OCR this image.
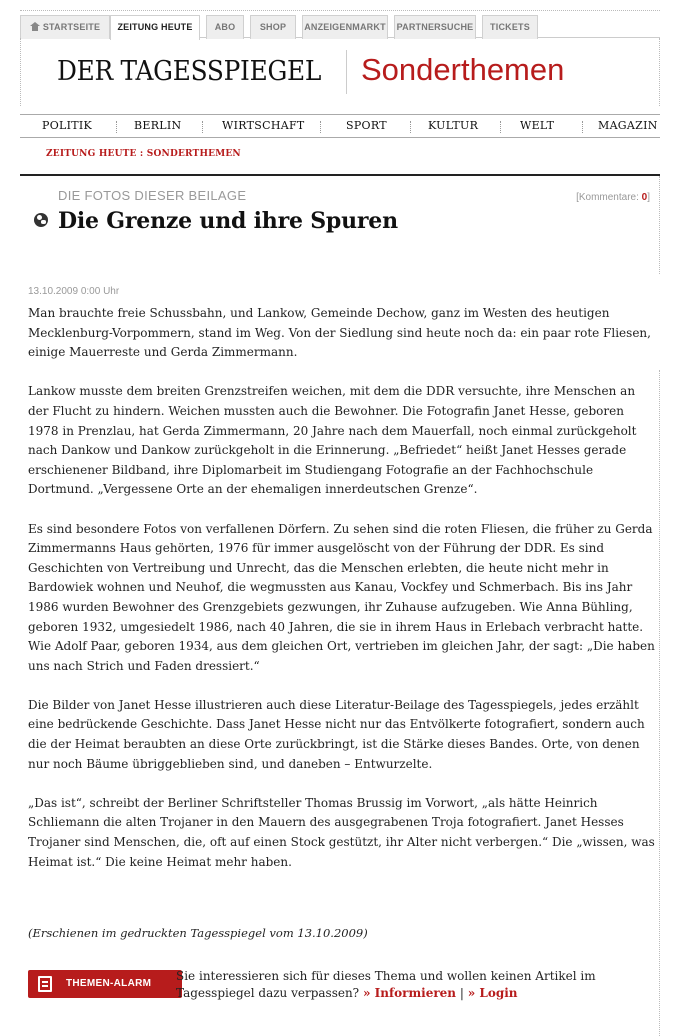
STARTSEITE	ZEITUNG HEUTE	ABO	SHOP	ANZEIGENMARKT PARTNERSUCHE	TICKETS
DER TAGESSPIEGEL Sonderthemen
POLITIK	BERLIN	WIRTSCHAFT	SPORT	KULTUR	WELT	MAGAZIN
ZEITUNG HEUTE : SONDERTHEMEN
DIE FOTOS DIESER BEILAGE	[Kommentare: 0]
Die Grenze und ihre Spuren
13.10.2009 0:00 Uhr

Man brauchte freie Schussbahn, und Lankow, Gemeinde Dechow, ganz im Westen des heutigen Mecklenburg-Vorpommern, stand im Weg. Von der Siedlung sind heute noch da: ein paar rote Fliesen, einige Mauerreste und Gerda Zimmermann.

Lankow musste dem breiten Grenzstreifen weichen, mit dem die DDR versuchte, ihre Menschen an der Flucht zu hindern. Weichen mussten auch die Bewohner. Die Fotografin Janet Hesse, geboren 1978 in Prenzlau, hat Gerda Zimmermann, 20 Jahre nach dem Mauerfall, noch einmal zurückgeholt nach Dankow und Dankow zurückgeholt in die Erinnerung. „Befriedet“ heißt Janet Hesses gerade erschienener Bildband, ihre Diplomarbeit im Studiengang Fotografie an der Fachhochschule Dortmund. „Vergessene Orte an der ehemaligen innerdeutschen Grenze“.

Es sind besondere Fotos von verfallenen Dörfern. Zu sehen sind die roten Fliesen, die früher zu Gerda Zimmermanns Haus gehörten, 1976 für immer ausgelöscht von der Führung der DDR. Es sind Geschichten von Vertreibung und Unrecht, das die Menschen erlebten, die heute nicht mehr in Bardowiek wohnen und Neuhof, die wegmussten aus Kanau, Vockfey und Schmerbach. Bis ins Jahr 1986 wurden Bewohner des Grenzgebiets gezwungen, ihr Zuhause aufzugeben. Wie Anna Bühling, geboren 1932, umgesiedelt 1986, nach 40 Jahren, die sie in ihrem Haus in Erlebach verbracht hatte. Wie Adolf Paar, geboren 1934, aus dem gleichen Ort, vertrieben im gleichen Jahr, der sagt: „Die haben uns nach Strich und Faden dressiert.“

Die Bilder von Janet Hesse illustrieren auch diese Literatur-Beilage des Tagesspiegels, jedes erzählt eine bedrückende Geschichte. Dass Janet Hesse nicht nur das Entvölkerte fotografiert, sondern auch die der Heimat beraubten an diese Orte zurückbringt, ist die Stärke dieses Bandes. Orte, von denen nur noch Bäume übriggeblieben sind, und daneben – Entwurzelte.

„Das ist“, schreibt der Berliner Schriftsteller Thomas Brussig im Vorwort, „als hätte Heinrich Schliemann die alten Trojaner in den Mauern des ausgegrabenen Troja fotografiert. Janet Hesses Trojaner sind Menschen, die, oft auf einen Stock gestützt, ihr Alter nicht verbergen.“ Die „wissen, was Heimat ist.“ Die keine Heimat mehr haben.

(Erschienen im gedruckten Tagesspiegel vom 13.10.2009)
THEMEN-ALARM
Sie interessieren sich für dieses Thema und wollen keinen Artikel im Tagesspiegel dazu verpassen? » Informieren | » Login
